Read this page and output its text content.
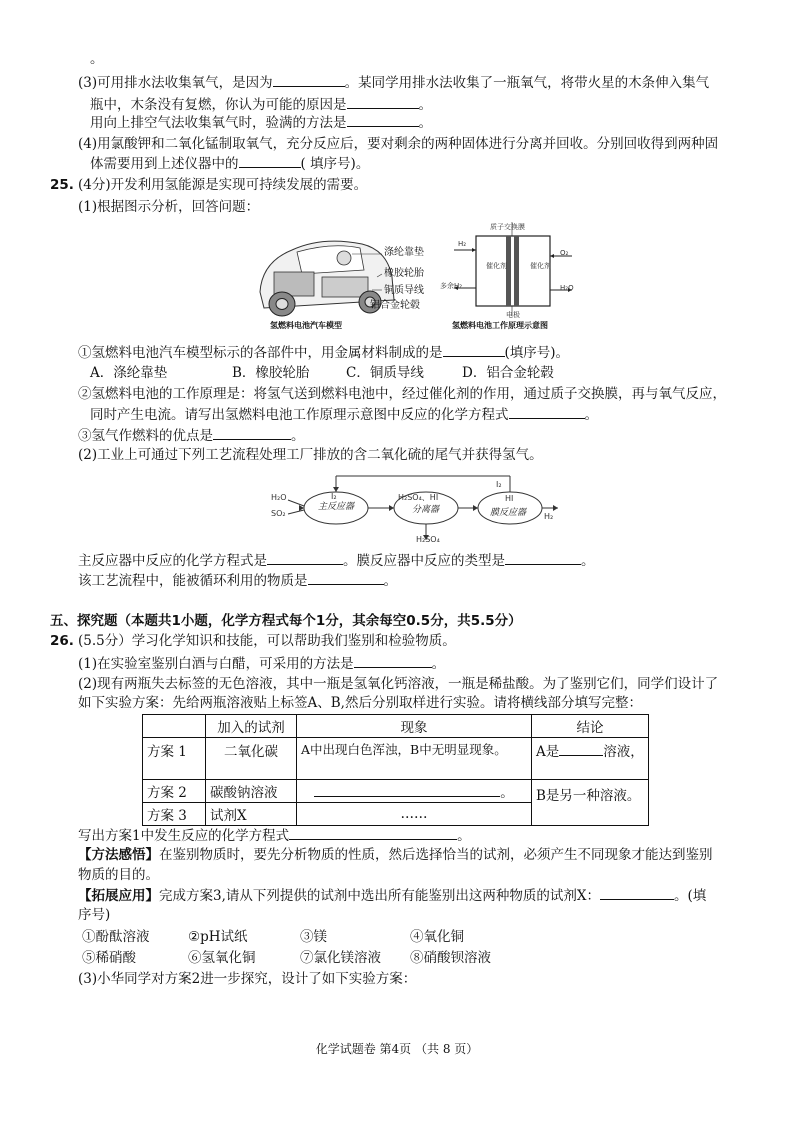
。
(3)可用排水法收集氧气，是因为	。某同学用排水法收集了一瓶氧气，将带火星的木条伸入集气
瓶中，木条没有复燃，你认为可能的原因是	。
用向上排空气法收集氧气时，验满的方法是	。
(4)用氯酸钾和二氧化锰制取氧气，充分反应后，要对剩余的两种固体进行分离并回收。分别回收得到两种固
体需要用到上述仪器中的	( 填序号)。
25. (4分)开发利用氢能源是实现可持续发展的需要。
(1)根据图示分析，回答问题：
涤纶靠垫
橡胶轮胎
铜质导线
铝合金轮毂
氢燃料电池汽车模型
质子交换膜
H₂
多余H₂
O₂
H₂O
催化剂	催化剂
电极
氢燃料电池工作原理示意图
①氢燃料电池汽车模型标示的各部件中，用金属材料制成的是	(填序号)。
A．涤纶靠垫	B．橡胶轮胎	C．铜质导线	D．铝合金轮毂
②氢燃料电池的工作原理是：将氢气送到燃料电池中，经过催化剂的作用，通过质子交换膜，再与氧气反应，
同时产生电流。请写出氢燃料电池工作原理示意图中反应的化学方程式	。
③氢气作燃料的优点是	。
(2)工业上可通过下列工艺流程处理工厂排放的含二氧化硫的尾气并获得氢气。
H₂O
SO₂
主反应器	分离器	膜反应器
I₂	H₂SO₄、HI	HI
I₂
H₂
H₂SO₄
主反应器中反应的化学方程式是	。膜反应器中反应的类型是	。
该工艺流程中，能被循环利用的物质是	。
五、探究题（本题共1小题，化学方程式每个1分，其余每空0.5分，共5.5分）
26. (5.5分）学习化学知识和技能，可以帮助我们鉴别和检验物质。
(1)在实验室鉴别白酒与白醋，可采用的方法是	。
(2)现有两瓶失去标签的无色溶液，其中一瓶是氢氧化钙溶液，一瓶是稀盐酸。为了鉴别它们，同学们设计了
如下实验方案：先给两瓶溶液贴上标签A、B,然后分别取样进行实验。请将横线部分填写完整：
	加入的试剂	现象	结论
方案 1	二氧化碳	A中出现白色浑浊，B中无明显现象。	A是 溶液，
方案 2	碳酸钠溶液	。	B是另一种溶液。
方案 3	试剂X	……	
写出方案1中发生反应的化学方程式	。
【方法感悟】在鉴别物质时，要先分析物质的性质，然后选择恰当的试剂，必须产生不同现象才能达到鉴别
物质的目的。
【拓展应用】完成方案3,请从下列提供的试剂中选出所有能鉴别出这两种物质的试剂X：	。(填
序号)
①酚酞溶液	②pH试纸	③镁	④氧化铜
⑤稀硝酸	⑥氢氧化铜	⑦氯化镁溶液 ⑧硝酸钡溶液
(3)小华同学对方案2进一步探究，设计了如下实验方案：
化学试题卷 第4页 （共 8 页）
